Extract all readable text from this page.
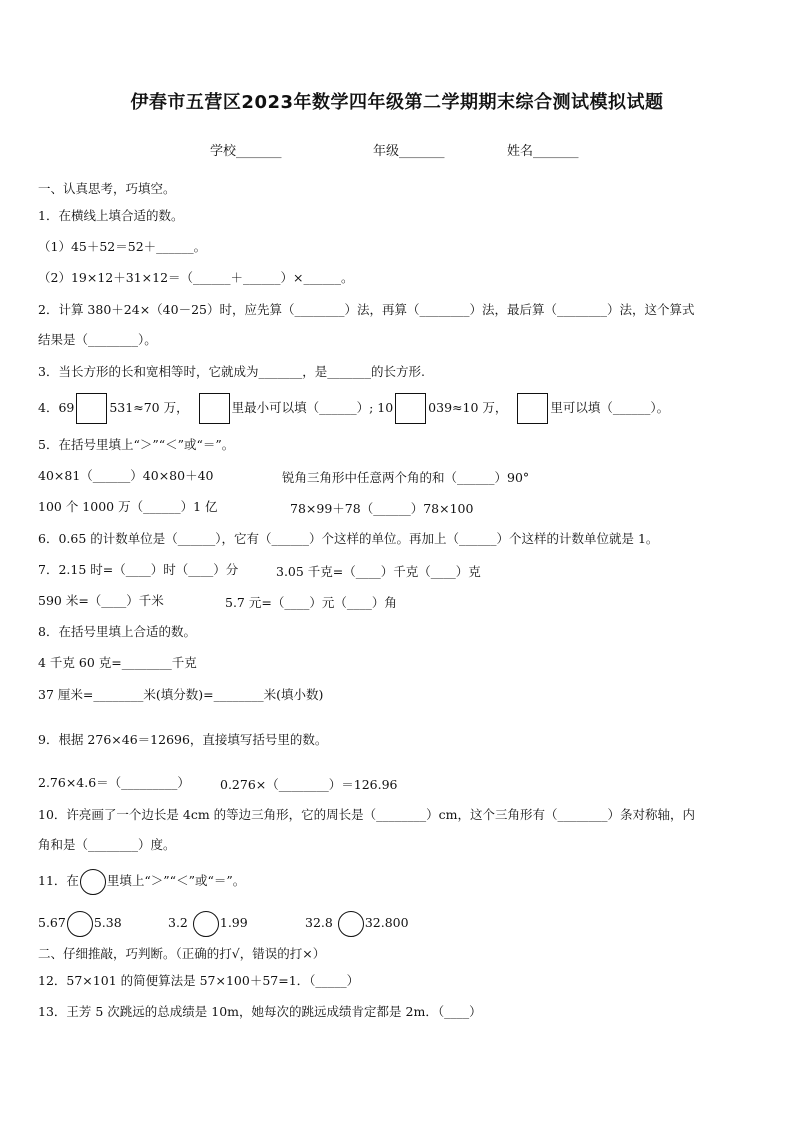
伊春市五营区2023年数学四年级第二学期期末综合测试模拟试题
学校_______	年级_______	姓名_______
一、认真思考，巧填空。
1．在横线上填合适的数。
（1）45＋52＝52＋______。
（2）19×12＋31×12＝（______＋______）×______。
2．计算 380＋24×（40－25）时，应先算（________）法，再算（________）法，最后算（________）法，这个算式
结果是（________）。
3．当长方形的长和宽相等时，它就成为_______，是_______的长方形.
4．69	531≈70 万，	里最小可以填（______）; 10	039≈10 万，	里可以填（______）。
5．在括号里填上“＞”“＜”或“＝”。
40×81（______）40×80＋40	锐角三角形中任意两个角的和（______）90°
100 个 1000 万（______）1 亿	78×99＋78（______）78×100
6．0.65 的计数单位是（______），它有（______）个这样的单位。再加上（______）个这样的计数单位就是 1。
7．2.15 时=（____）时（____）分	3.05 千克=（____）千克（____）克
590 米=（____）千米	5.7 元=（____）元（____）角
8．在括号里填上合适的数。
4 千克 60 克=________千克
37 厘米=________米(填分数)=________米(填小数)
9．根据 276×46＝12696，直接填写括号里的数。
2.76×4.6＝（_________） 0.276×（________）＝126.96
10．许亮画了一个边长是 4cm 的等边三角形，它的周长是（________）cm，这个三角形有（________）条对称轴，内
角和是（________）度。
11．在 里填上“＞”“＜”或“＝”。
5.67 5.38	3.2	1.99	32.8	32.800
二、仔细推敲，巧判断。（正确的打√，错误的打×）
12．57×101 的简便算法是 57×100＋57=1．（_____）
13．王芳 5 次跳远的总成绩是 10m，她每次的跳远成绩肯定都是 2m．（____）
